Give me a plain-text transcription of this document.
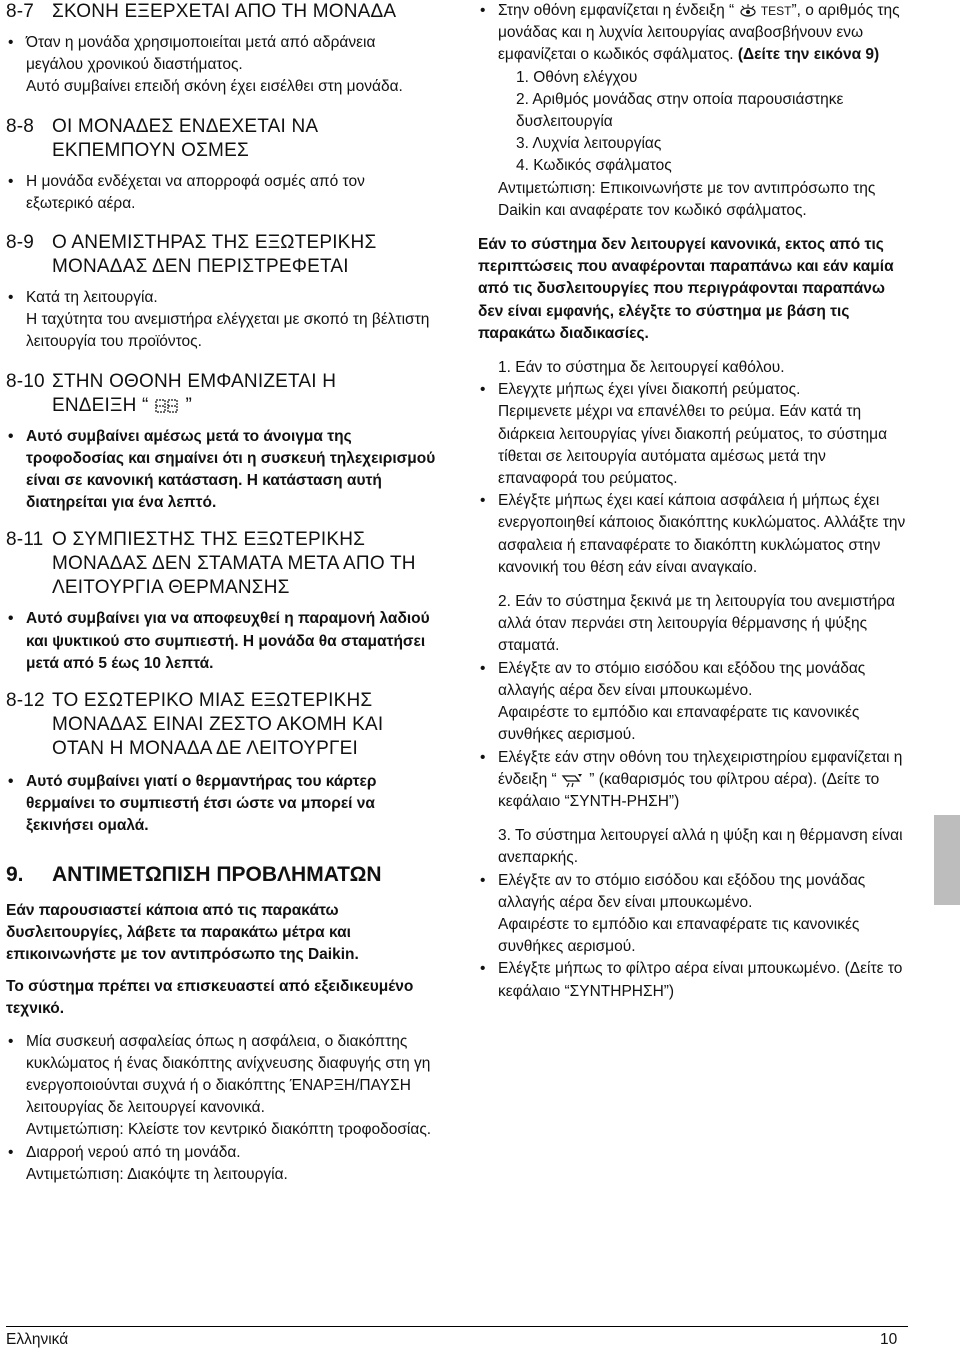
8-7 ΣΚΟΝΗ ΕΞΕΡΧΕΤΑΙ ΑΠΟ ΤΗ ΜΟΝΑΔΑ
• Όταν η μονάδα χρησιμοποιείται μετά από αδράνεια μεγάλου χρονικού διαστήματος.
Αυτό συμβαίνει επειδή σκόνη έχει εισέλθει στη μονάδα.
8-8 ΟΙ ΜΟΝΑΔΕΣ ΕΝΔΕΧΕΤΑΙ ΝΑ ΕΚΠΕΜΠΟΥΝ ΟΣΜΕΣ
• Η μονάδα ενδέχεται να απορροφά οσμές από τον εξωτερικό αέρα.
8-9 Ο ΑΝΕΜΙΣΤΗΡΑΣ ΤΗΣ ΕΞΩΤΕΡΙΚΗΣ ΜΟΝΑΔΑΣ ΔΕΝ ΠΕΡΙΣΤΡΕΦΕΤΑΙ
• Κατά τη λειτουργία.
Η ταχύτητα του ανεμιστήρα ελέγχεται με σκοπό τη βέλτιστη λειτουργία του προϊόντος.
8-10 ΣΤΗΝ ΟΘΟΝΗ ΕΜΦΑΝΙΖΕΤΑΙ Η
ΕΝΔΕΙΞΗ “ ”
• Αυτό συμβαίνει αμέσως μετά το άνοιγμα της τροφοδοσίας και σημαίνει ότι η συσκευή τηλεχειρισμού είναι σε κανονική κατάσταση. Η κατάσταση αυτή διατηρείται για ένα λεπτό.
8-11 Ο ΣΥΜΠΙΕΣΤΗΣ ΤΗΣ ΕΞΩΤΕΡΙΚΗΣ ΜΟΝΑΔΑΣ ΔΕΝ ΣΤΑΜΑΤΑ ΜΕΤΑ ΑΠΟ ΤΗ ΛΕΙΤΟΥΡΓΙΑ ΘΕΡΜΑΝΣΗΣ
• Αυτό συμβαίνει για να αποφευχθεί η παραμονή λαδιού και ψυκτικού στο συμπιεστή. Η μονάδα θα σταματήσει μετά από 5 έως 10 λεπτά.
8-12 ΤΟ ΕΣΩΤΕΡΙΚΟ ΜΙΑΣ ΕΞΩΤΕΡΙΚΗΣ ΜΟΝΑΔΑΣ ΕΙΝΑΙ ΖΕΣΤΟ ΑΚΟΜΗ ΚΑΙ ΟΤΑΝ Η ΜΟΝΑΔΑ ΔΕ ΛΕΙΤΟΥΡΓΕΙ
• Αυτό συμβαίνει γιατί ο θερμαντήρας του κάρτερ θερμαίνει το συμπιεστή έτσι ώστε να μπορεί να ξεκινήσει ομαλά.
9.	ΑΝΤΙΜΕΤΩΠΙΣΗ ΠΡΟΒΛΗΜΑΤΩΝ
Εάν παρουσιαστεί κάποια από τις παρακάτω δυσλειτουργίες, λάβετε τα παρακάτω μέτρα και επικοινωνήστε με τον αντιπρόσωπο της Daikin.
Το σύστημα πρέπει να επισκευαστεί από εξειδικευμένο τεχνικό.
• Μία συσκευή ασφαλείας όπως η ασφάλεια, ο διακόπτης κυκλώματος ή ένας διακόπτης ανίχνευσης διαφυγής στη γη ενεργοποιούνται συχνά ή ο διακόπτης ΈΝΑΡΞΗ/ΠΑΥΣΗ λειτουργίας δε λειτουργεί κανονικά.
Αντιμετώπιση: Κλείστε τον κεντρικό διακόπτη τροφοδοσίας.
• Διαρροή νερού από τη μονάδα.
Αντιμετώπιση: Διακόψτε τη λειτουργία.
• Στην οθόνη εμφανίζεται η ένδειξη “ TEST”, ο αριθμός της μονάδας και η λυχνία λειτουργίας αναβοσβήνουν ενω εμφανίζεται ο κωδικός σφάλματος. (Δείτε την εικόνα 9)
1. Οθόνη ελέγχου
2. Αριθμός μονάδας στην οποία παρουσιάστηκε δυσλειτουργία
3. Λυχνία λειτουργίας
4. Κωδικός σφάλματος
Αντιμετώπιση: Επικοινωνήστε με τον αντιπρόσωπο της Daikin και αναφέρατε τον κωδικό σφάλματος.
Εάν το σύστημα δεν λειτουργεί κανονικά, εκτος από τις περιπτώσεις που αναφέρονται παραπάνω και εάν καμία από τις δυσλειτουργίες που περιγράφονται παραπάνω δεν είναι εμφανής, ελέγξτε το σύστημα με βάση τις παρακάτω διαδικασίες.
1. Εάν το σύστημα δε λειτουργεί καθόλου.
• Ελεγχτε μήπως έχει γίνει διακοπή ρεύματος.
Περιμενετε μέχρι να επανέλθει το ρεύμα. Εάν κατά τη διάρκεια λειτουργίας γίνει διακοπή ρεύματος, το σύστημα τίθεται σε λειτουργία αυτόματα αμέσως μετά την επαναφορά του ρεύματος.
• Ελέγξτε μήπως έχει καεί κάποια ασφάλεια ή μήπως έχει ενεργοποιηθεί κάποιος διακόπτης κυκλώματος. Αλλάξτε την ασφαλεια ή επαναφέρατε το διακόπτη κυκλώματος στην κανονική του θέση εάν είναι αναγκαίο.
2. Εάν το σύστημα ξεκινά με τη λειτουργία του ανεμιστήρα αλλά όταν περνάει στη λειτουργία θέρμανσης ή ψύξης σταματά.
• Ελέγξτε αν το στόμιο εισόδου και εξόδου της μονάδας αλλαγής αέρα δεν είναι μπουκωμένο.
Αφαιρέστε το εμπόδιο και επαναφέρατε τις κανονικές συνθήκες αερισμού.
• Ελέγξτε εάν στην οθόνη του τηλεχειριστηρίου εμφανίζεται η ένδειξη “ ” (καθαρισμός του φίλτρου αέρα). (Δείτε το κεφάλαιο “ΣΥΝΤΗ-ΡΗΣΗ”)
3. Το σύστημα λειτουργεί αλλά η ψύξη και η θέρμανση είναι ανεπαρκής.
• Ελέγξτε αν το στόμιο εισόδου και εξόδου της μονάδας αλλαγής αέρα δεν είναι μπουκωμένο.
Αφαιρέστε το εμπόδιο και επαναφέρατε τις κανονικές συνθήκες αερισμού.
• Ελέγξτε μήπως το φίλτρο αέρα είναι μπουκωμένο. (Δείτε το κεφάλαιο “ΣΥΝΤΗΡΗΣΗ”)
Ελληνικά	10
